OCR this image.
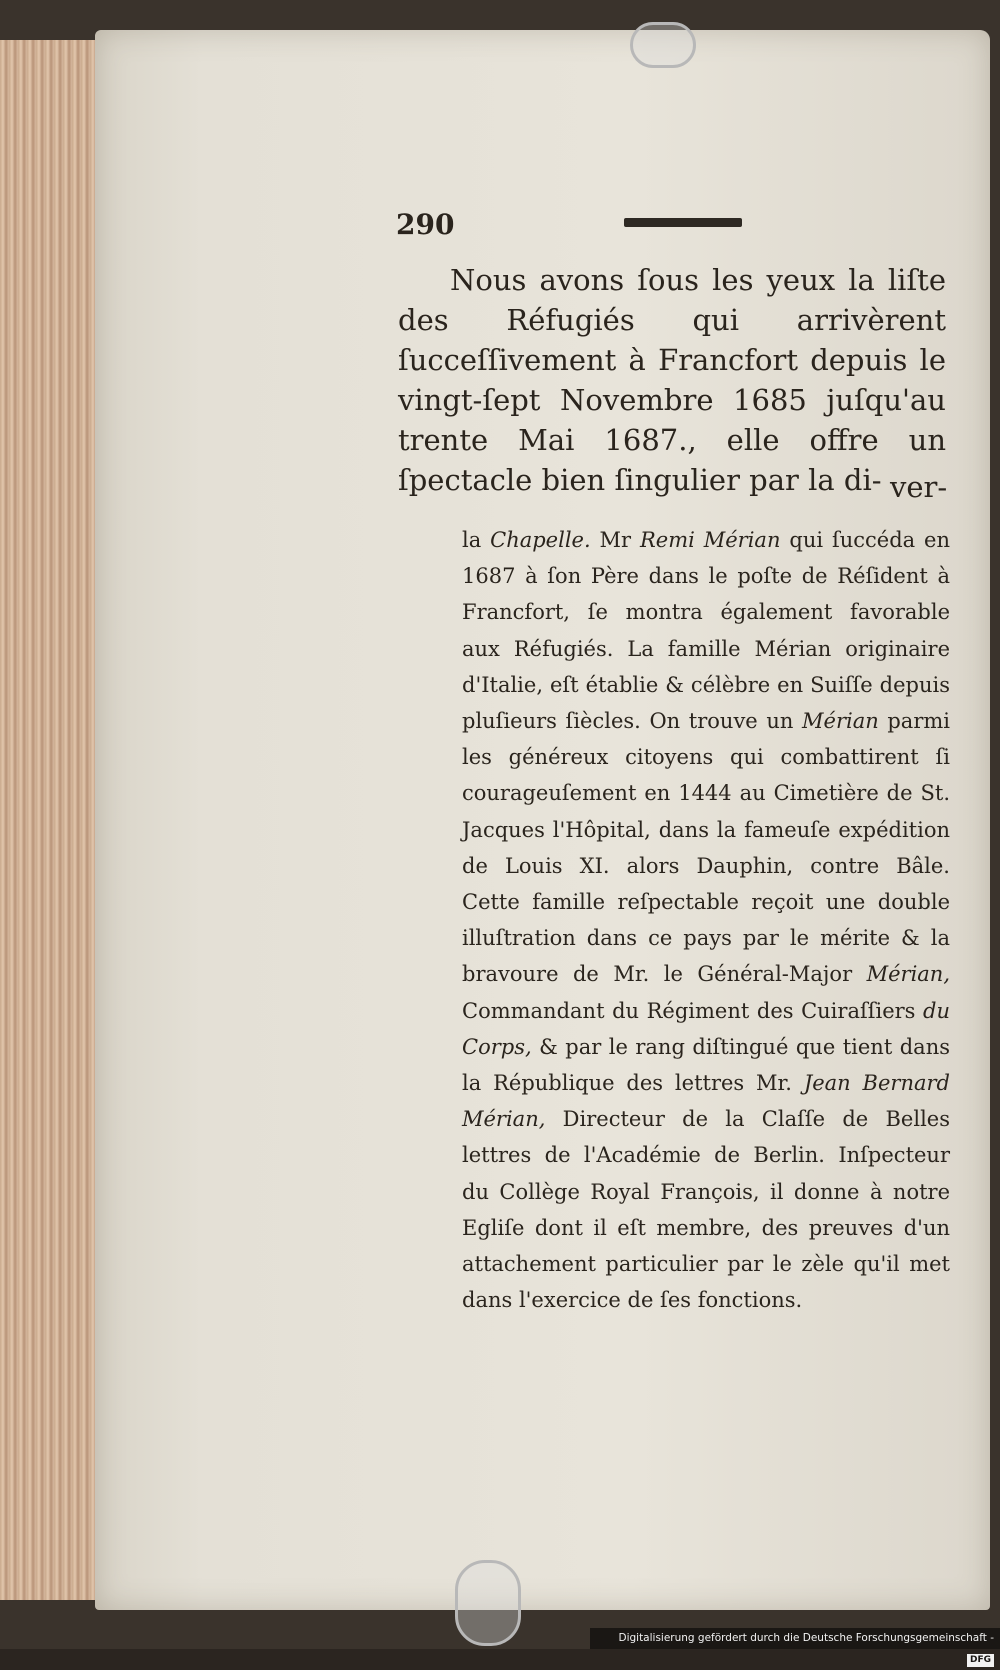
290

Nous avons ſous les yeux la liſte des Réfugiés qui arrivèrent ſucceſſivement à Francfort depuis le vingt-ſept Novembre 1685 juſqu'au trente Mai 1687., elle offre un ſpectacle bien ſingulier par la di- ver-

la Chapelle. Mr Remi Mérian qui ſuccéda en 1687 à ſon Père dans le poſte de Réſident à Francfort, ſe montra également favorable aux Réfugiés. La famille Mérian originaire d'Italie, eſt établie & célèbre en Suiſſe depuis pluſieurs ſiècles. On trouve un Mérian parmi les généreux citoyens qui combattirent ſi courageuſement en 1444 au Cimetière de St. Jacques l'Hôpital, dans la fameuſe expédition de Louis XI. alors Dauphin, contre Bâle. Cette famille reſpectable reçoit une double illuſtration dans ce pays par le mérite & la bravoure de Mr. le Général-Major Mérian, Commandant du Régiment des Cuiraſſiers du Corps, & par le rang diſtingué que tient dans la République des lettres Mr. Jean Bernard Mérian, Directeur de la Claſſe de Belles lettres de l'Académie de Berlin. Inſpecteur du Collège Royal François, il donne à notre Egliſe dont il eſt membre, des preuves d'un attachement particulier par le zèle qu'il met dans l'exercice de ſes fonctions.

Digitalisierung gefördert durch die Deutsche Forschungsgemeinschaft - DFG
